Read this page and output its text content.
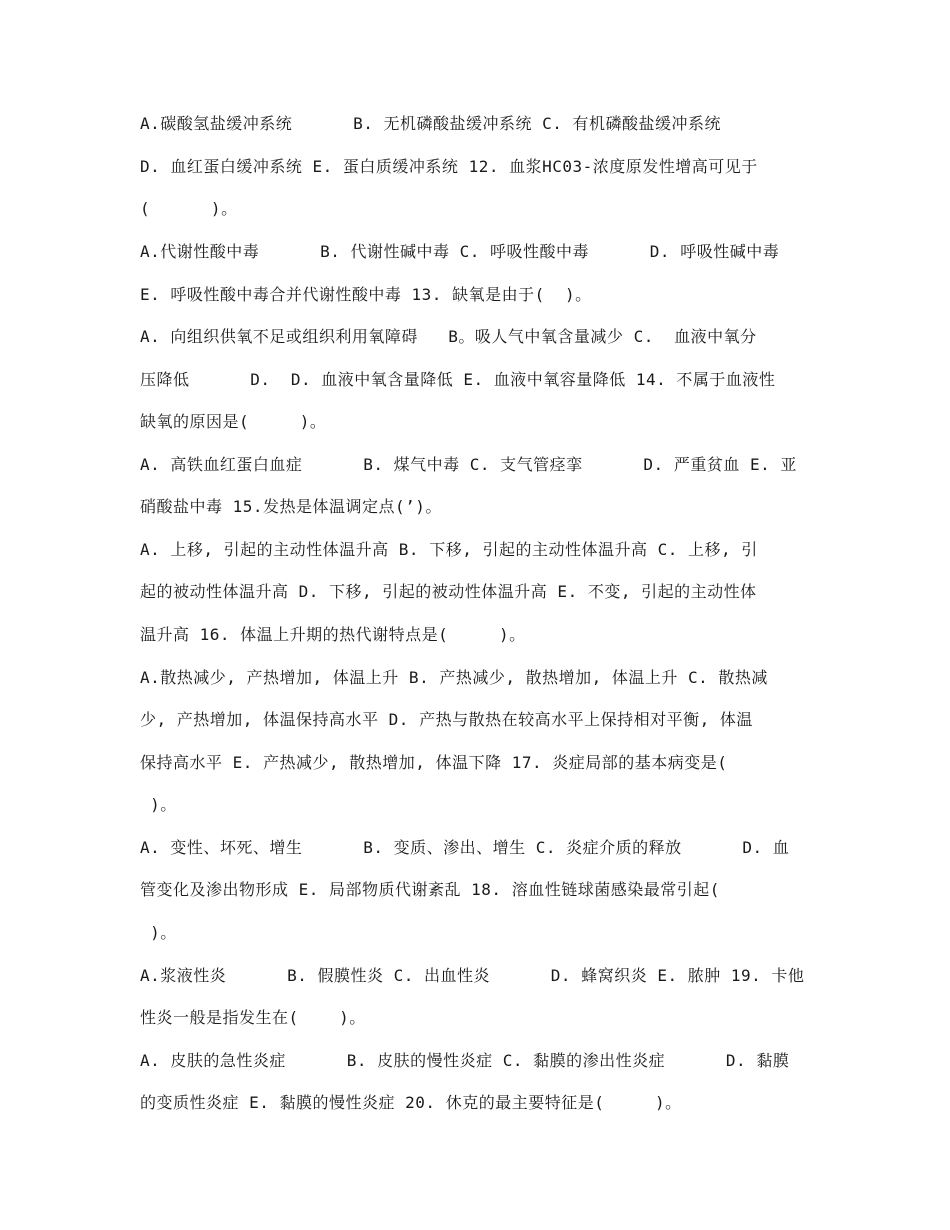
A.碳酸氢盐缓冲系统      B. 无机磷酸盐缓冲系统 C. 有机磷酸盐缓冲系统
D. 血红蛋白缓冲系统 E. 蛋白质缓冲系统 12. 血浆HC03-浓度原发性增高可见于
(      )。
A.代谢性酸中毒      B. 代谢性碱中毒 C. 呼吸性酸中毒      D. 呼吸性碱中毒
E. 呼吸性酸中毒合并代谢性酸中毒 13. 缺氧是由于(  )。
A. 向组织供氧不足或组织利用氧障碍   B。吸人气中氧含量减少 C.  血液中氧分
压降低      D.  D. 血液中氧含量降低 E. 血液中氧容量降低 14. 不属于血液性
缺氧的原因是(     )。
A. 高铁血红蛋白血症      B. 煤气中毒 C. 支气管痉挛      D. 严重贫血 E. 亚
硝酸盐中毒 15.发热是体温调定点(’)。
A. 上移, 引起的主动性体温升高 B. 下移, 引起的主动性体温升高 C. 上移, 引
起的被动性体温升高 D. 下移, 引起的被动性体温升高 E. 不变, 引起的主动性体
温升高 16. 体温上升期的热代谢特点是(     )。
A.散热减少, 产热增加, 体温上升 B. 产热减少, 散热增加, 体温上升 C. 散热减
少, 产热增加, 体温保持高水平 D. 产热与散热在较高水平上保持相对平衡, 体温
保持高水平 E. 产热减少, 散热增加, 体温下降 17. 炎症局部的基本病变是(
)。
A. 变性、坏死、增生      B. 变质、渗出、增生 C. 炎症介质的释放      D. 血
管变化及渗出物形成 E. 局部物质代谢紊乱 18. 溶血性链球菌感染最常引起(
)。
A.浆液性炎      B. 假膜性炎 C. 出血性炎      D. 蜂窝织炎 E. 脓肿 19. 卡他
性炎一般是指发生在(    )。
A. 皮肤的急性炎症      B. 皮肤的慢性炎症 C. 黏膜的渗出性炎症      D. 黏膜
的变质性炎症 E. 黏膜的慢性炎症 20. 休克的最主要特征是(     )。
